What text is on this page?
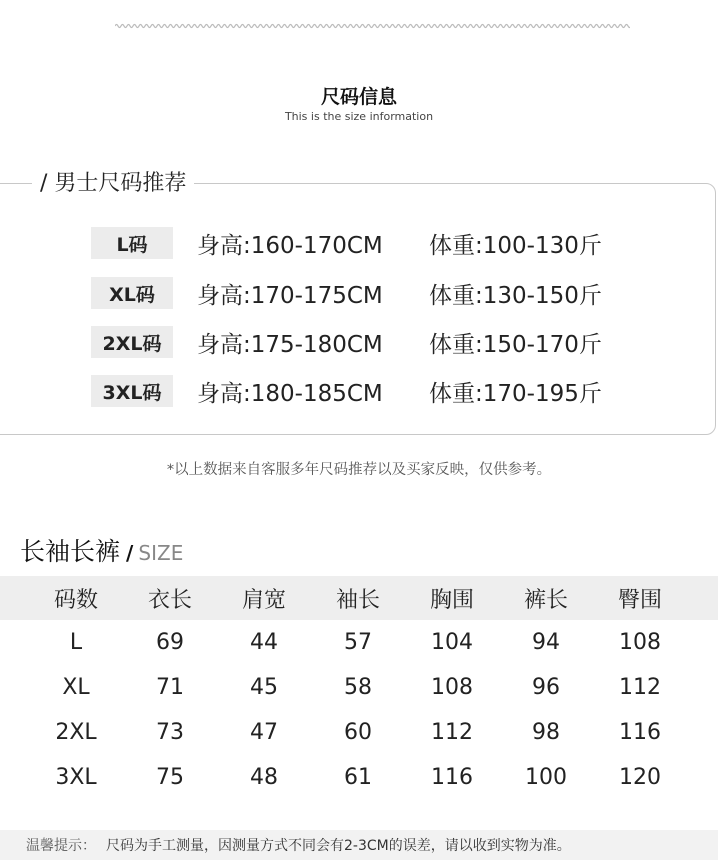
尺码信息
This is the size information
/ 男士尺码推荐
L码	身高:160-170CM	体重:100-130斤
XL码	身高:170-175CM	体重:130-150斤
2XL码	身高:175-180CM	体重:150-170斤
3XL码	身高:180-185CM	体重:170-195斤
*以上数据来自客服多年尺码推荐以及买家反映，仅供参考。
长袖长裤 / SIZE
码数	衣长	肩宽	袖长	胸围	裤长	臀围
L	69	44	57	104	94	108
XL	71	45	58	108	96	112
2XL	73	47	60	112	98	116
3XL	75	48	61	116	100	120
温馨提示： 尺码为手工测量，因测量方式不同会有2-3CM的误差，请以收到实物为准。
